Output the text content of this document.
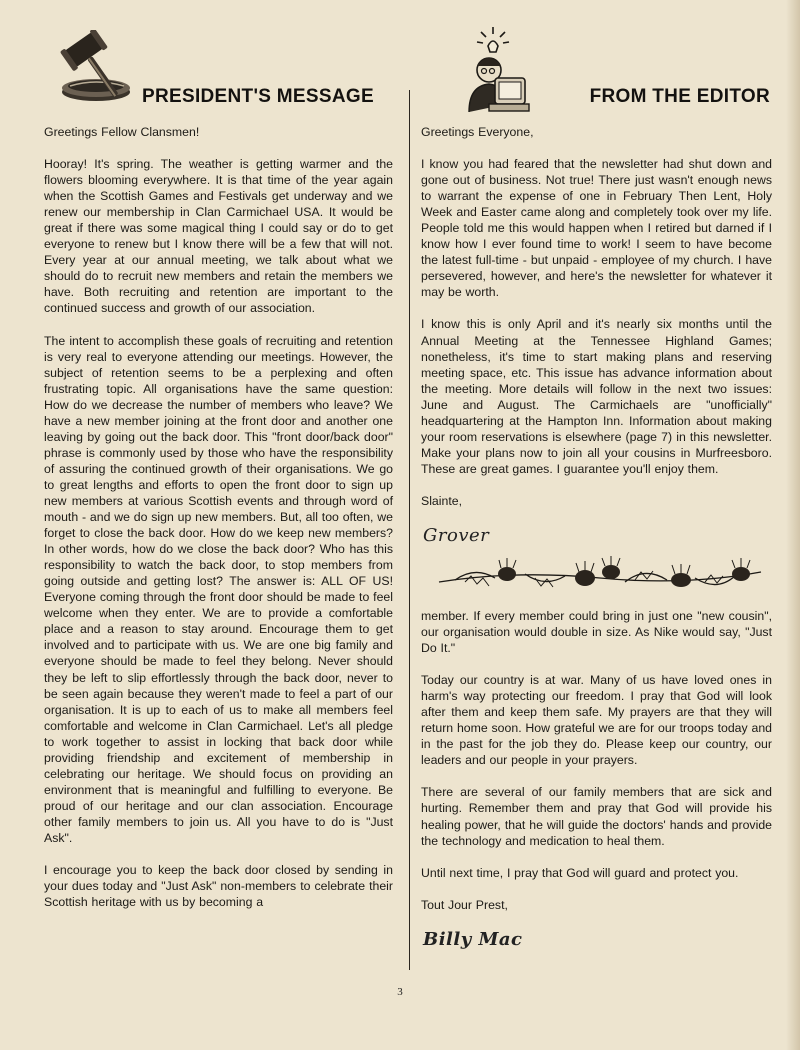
PRESIDENT'S MESSAGE	FROM THE EDITOR

Greetings Fellow Clansmen!

Hooray! It's spring. The weather is getting warmer and the flowers blooming everywhere. It is that time of the year again when the Scottish Games and Festivals get underway and we renew our membership in Clan Carmichael USA. It would be great if there was some magical thing I could say or do to get everyone to renew but I know there will be a few that will not. Every year at our annual meeting, we talk about what we should do to recruit new members and retain the members we have. Both recruiting and retention are important to the continued success and growth of our association.

The intent to accomplish these goals of recruiting and retention is very real to everyone attending our meetings. However, the subject of retention seems to be a perplexing and often frustrating topic. All organisations have the same question: How do we decrease the number of members who leave? We have a new member joining at the front door and another one leaving by going out the back door. This "front door/back door" phrase is commonly used by those who have the responsibility of assuring the continued growth of their organisations. We go to great lengths and efforts to open the front door to sign up new members at various Scottish events and through word of mouth - and we do sign up new members. But, all too often, we forget to close the back door. How do we keep new members? In other words, how do we close the back door? Who has this responsibility to watch the back door, to stop members from going outside and getting lost? The answer is: ALL OF US! Everyone coming through the front door should be made to feel welcome when they enter. We are to provide a comfortable place and a reason to stay around. Encourage them to get involved and to participate with us. We are one big family and everyone should be made to feel they belong. Never should they be left to slip effortlessly through the back door, never to be seen again because they weren't made to feel a part of our organisation. It is up to each of us to make all members feel comfortable and welcome in Clan Carmichael. Let's all pledge to work together to assist in locking that back door while providing friendship and excitement of membership in celebrating our heritage. We should focus on providing an environment that is meaningful and fulfilling to everyone. Be proud of our heritage and our clan association. Encourage other family members to join us. All you have to do is "Just Ask".

I encourage you to keep the back door closed by sending in your dues today and "Just Ask" non-members to celebrate their Scottish heritage with us by becoming a

Greetings Everyone,

I know you had feared that the newsletter had shut down and gone out of business. Not true! There just wasn't enough news to warrant the expense of one in February Then Lent, Holy Week and Easter came along and completely took over my life. People told me this would happen when I retired but darned if I know how I ever found time to work! I seem to have become the latest full-time - but unpaid - employee of my church. I have persevered, however, and here's the newsletter for whatever it may be worth.

I know this is only April and it's nearly six months until the Annual Meeting at the Tennessee Highland Games; nonetheless, it's time to start making plans and reserving meeting space, etc. This issue has advance information about the meeting. More details will follow in the next two issues: June and August. The Carmichaels are "unofficially" headquartering at the Hampton Inn. Information about making your room reservations is elsewhere (page 7) in this newsletter. Make your plans now to join all your cousins in Murfreesboro. These are great games. I guarantee you'll enjoy them.

Slainte,

Grover

member. If every member could bring in just one "new cousin", our organisation would double in size. As Nike would say, "Just Do It."

Today our country is at war. Many of us have loved ones in harm's way protecting our freedom. I pray that God will look after them and keep them safe. My prayers are that they will return home soon. How grateful we are for our troops today and in the past for the job they do. Please keep our country, our leaders and our people in your prayers.

There are several of our family members that are sick and hurting. Remember them and pray that God will provide his healing power, that he will guide the doctors' hands and provide the technology and medication to heal them.

Until next time, I pray that God will guard and protect you.

Tout Jour Prest,

Billy Mac
3
